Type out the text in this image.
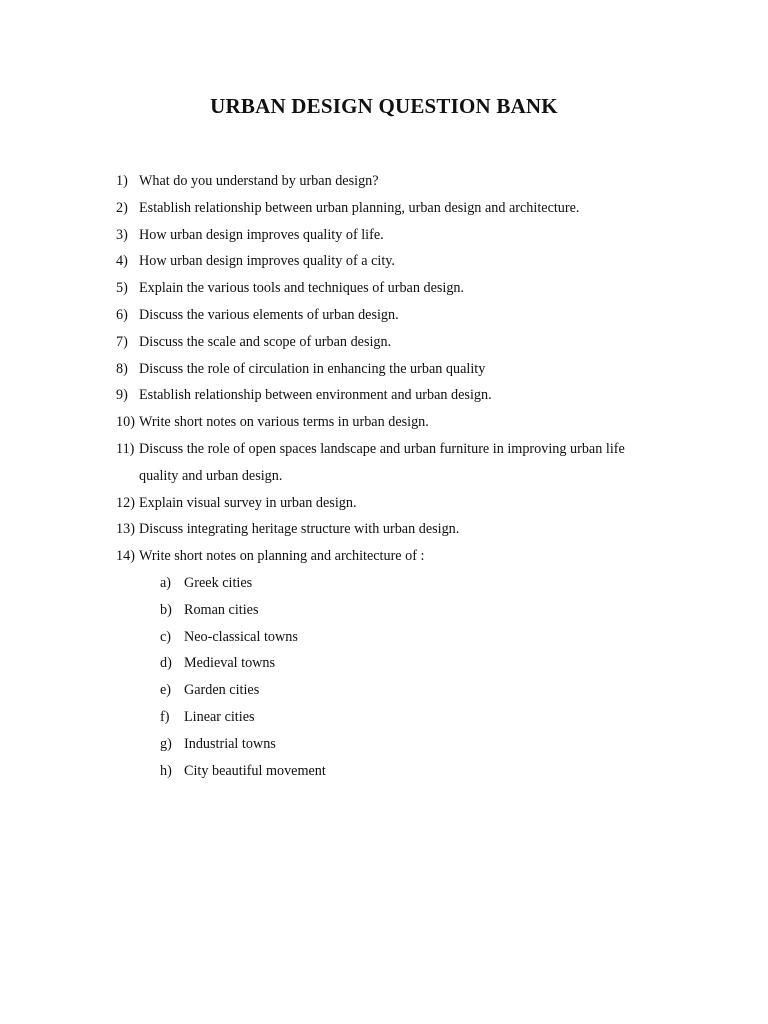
URBAN DESIGN QUESTION BANK
1) What do you understand by urban design?
2) Establish relationship between urban planning, urban design and architecture.
3) How urban design improves quality of life.
4) How urban design improves quality of a city.
5) Explain the various tools and techniques of urban design.
6) Discuss the various elements of urban design.
7) Discuss the scale and scope of urban design.
8) Discuss the role of circulation in enhancing the urban quality
9) Establish relationship between environment and urban design.
10) Write short notes on various terms in urban design.
11) Discuss the role of open spaces landscape and urban furniture in improving urban life quality and urban design.
12) Explain visual survey in urban design.
13) Discuss integrating heritage structure with urban design.
14) Write short notes on planning and architecture of :
a) Greek cities
b) Roman cities
c) Neo-classical towns
d) Medieval towns
e) Garden cities
f) Linear cities
g) Industrial towns
h) City beautiful movement
